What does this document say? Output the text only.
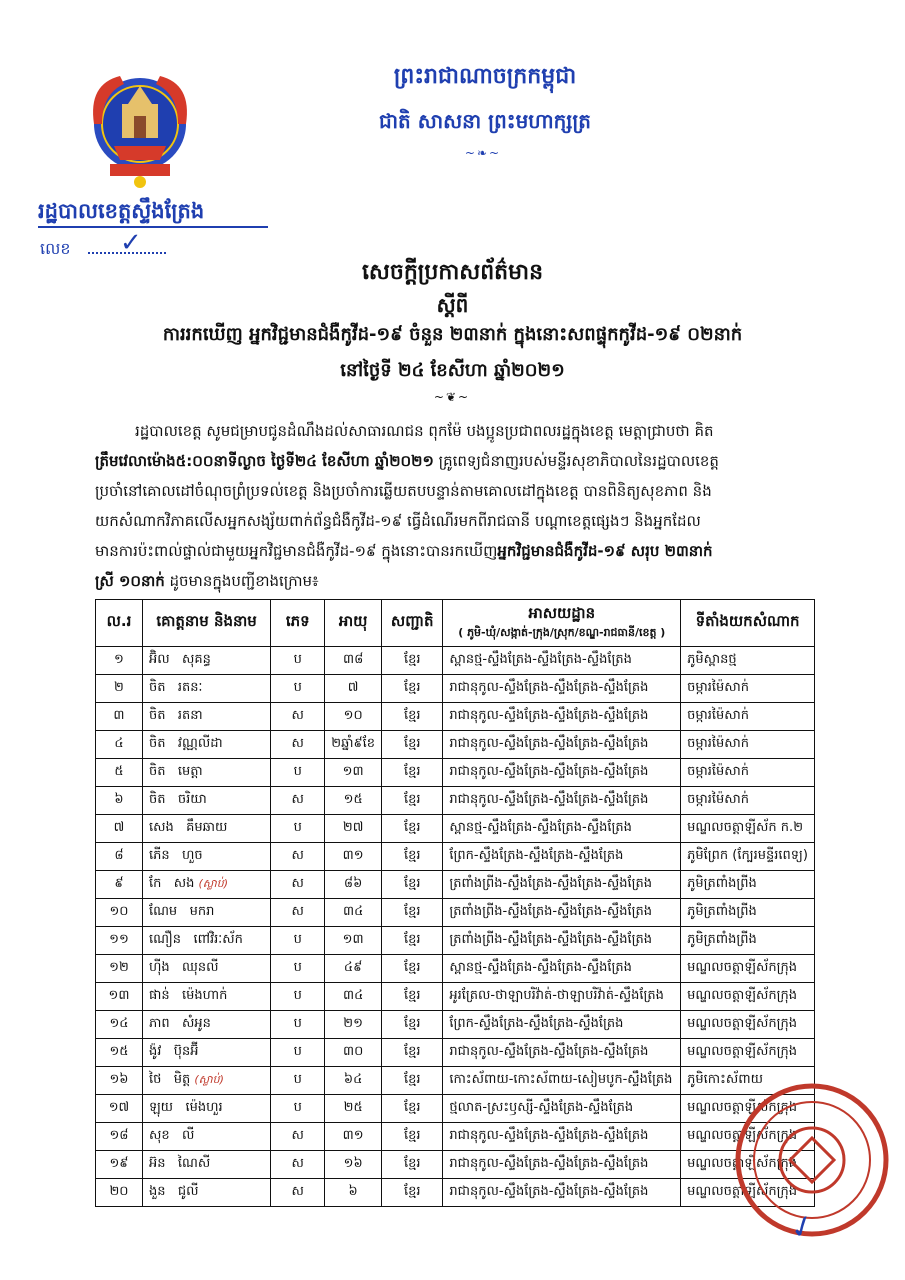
រដ្ឋបាលខេត្តស្ទឹងត្រែង
លេខ ✓
ព្រះរាជាណាចក្រកម្ពុជា
ជាតិ សាសនា ព្រះមហាក្សត្រ
~❧~
សេចក្តីប្រកាសព័ត៌មាន
ស្តីពី
ការរកឃើញ អ្នកវិជ្ជមានជំងឺកូវីដ-១៩ ចំនួន ២៣នាក់ ក្នុងនោះសពផ្ទុកកូវីដ-១៩ ០២នាក់
នៅថ្ងៃទី ២៤ ខែសីហា ឆ្នាំ២០២១
~❦~
រដ្ឋបាលខេត្ត សូមជម្រាបជូនដំណឹងដល់សាធារណជន ពុកម៉ែ បងប្អូនប្រជាពលរដ្ឋក្នុងខេត្ត មេត្តាជ្រាបថា គិត
ត្រឹមវេលាម៉ោង៥:០០នាទីល្ងាច ថ្ងៃទី២៤ ខែសីហា ឆ្នាំ២០២១ គ្រូពេទ្យជំនាញរបស់មន្ទីរសុខាភិបាលនៃរដ្ឋបាលខេត្ត
ប្រចាំនៅគោលដៅចំណុចព្រំប្រទល់ខេត្ត និងប្រចាំការឆ្លើយតបបន្ទាន់តាមគោលដៅក្នុងខេត្ត បានពិនិត្យសុខភាព និង
យកសំណាកវិភាគលើសអ្នកសង្ស័យពាក់ព័ន្ធជំងឺកូវីដ-១៩ ធ្វើដំណើរមកពីរាជធានី បណ្តាខេត្តផ្សេងៗ និងអ្នកដែល
មានការប៉ះពាល់ផ្ទាល់ជាមួយអ្នកវិជ្ជមានជំងឺកូវីដ-១៩ ក្នុងនោះបានរកឃើញអ្នកវិជ្ជមានជំងឺកូវីដ-១៩ សរុប ២៣នាក់
ស្រី ១០នាក់ ដូចមានក្នុងបញ្ជីខាងក្រោម៖
ល.រ	គោត្តនាម និងនាម	ភេទ	អាយុ	សញ្ជាតិ	អាសយដ្ឋាន
( ភូមិ-ឃុំ/សង្កាត់-ក្រុង/ស្រុក/ខណ្ឌ-រាជធានី/ខេត្ត )	ទីតាំងយកសំណាក
១	អ៊ិល សុគន្ធ	ប	៣៨	ខ្មែរ	ស្ពានថ្ម-ស្ទឹងត្រែង-ស្ទឹងត្រែង-ស្ទឹងត្រែង	ភូមិស្ពានថ្ម
២	ចិត រតនៈ	ប	៧	ខ្មែរ	រាជានុកូល-ស្ទឹងត្រែង-ស្ទឹងត្រែង-ស្ទឹងត្រែង	ចម្ការម៉ៃសាក់
៣	ចិត រតនា	ស	១០	ខ្មែរ	រាជានុកូល-ស្ទឹងត្រែង-ស្ទឹងត្រែង-ស្ទឹងត្រែង	ចម្ការម៉ៃសាក់
៤	ចិត វណ្ណលីដា	ស	២ឆ្នាំ៩ខែ	ខ្មែរ	រាជានុកូល-ស្ទឹងត្រែង-ស្ទឹងត្រែង-ស្ទឹងត្រែង	ចម្ការម៉ៃសាក់
៥	ចិត មេត្តា	ប	១៣	ខ្មែរ	រាជានុកូល-ស្ទឹងត្រែង-ស្ទឹងត្រែង-ស្ទឹងត្រែង	ចម្ការម៉ៃសាក់
៦	ចិត ចរិយា	ស	១៥	ខ្មែរ	រាជានុកូល-ស្ទឹងត្រែង-ស្ទឹងត្រែង-ស្ទឹងត្រែង	ចម្ការម៉ៃសាក់
៧	សេង គឹមឆាយ	ប	២៧	ខ្មែរ	ស្ពានថ្ម-ស្ទឹងត្រែង-ស្ទឹងត្រែង-ស្ទឹងត្រែង	មណ្ឌលចត្តាឡីស័ក ក.២
៨	ភេីន ហួច	ស	៣១	ខ្មែរ	ព្រែក-ស្ទឹងត្រែង-ស្ទឹងត្រែង-ស្ទឹងត្រែង	ភូមិព្រែក (ក្បែរមន្ទីរពេទ្យ)
៩	កែ សង (ស្លាប់)	ស	៨៦	ខ្មែរ	ត្រពាំងព្រីង-ស្ទឹងត្រែង-ស្ទឹងត្រែង-ស្ទឹងត្រែង	ភូមិត្រពាំងព្រីង
១០	ណែម មករា	ស	៣៤	ខ្មែរ	ត្រពាំងព្រីង-ស្ទឹងត្រែង-ស្ទឹងត្រែង-ស្ទឹងត្រែង	ភូមិត្រពាំងព្រីង
១១	ណឿន ពៅវិរៈស័ក	ប	១៣	ខ្មែរ	ត្រពាំងព្រីង-ស្ទឹងត្រែង-ស្ទឹងត្រែង-ស្ទឹងត្រែង	ភូមិត្រពាំងព្រីង
១២	ហ៊ីង ឈុនលី	ប	៤៩	ខ្មែរ	ស្ពានថ្ម-ស្ទឹងត្រែង-ស្ទឹងត្រែង-ស្ទឹងត្រែង	មណ្ឌលចត្តាឡីស័កក្រុង
១៣	ផាន់ ម៉េងហាក់	ប	៣៤	ខ្មែរ	អូរត្រែល-ថាឡាបរិវ៉ាត់-ថាឡាបរិវ៉ាត់-ស្ទឹងត្រែង	មណ្ឌលចត្តាឡីស័កក្រុង
១៤	ភាព សំអូន	ប	២១	ខ្មែរ	ព្រែក-ស្ទឹងត្រែង-ស្ទឹងត្រែង-ស្ទឹងត្រែង	មណ្ឌលចត្តាឡីស័កក្រុង
១៥	ង៉ូវ ប៊ុនអ៊ី	ប	៣០	ខ្មែរ	រាជានុកូល-ស្ទឹងត្រែង-ស្ទឹងត្រែង-ស្ទឹងត្រែង	មណ្ឌលចត្តាឡីស័កក្រុង
១៦	ថៃ មិត្ត (ស្លាប់)	ប	៦៤	ខ្មែរ	កោះស័ពាយ-កោះស័ពាយ-សៀមបូក-ស្ទឹងត្រែង	ភូមិកោះស័ពាយ
១៧	ឡុយ ម៉េងហួរ	ប	២៥	ខ្មែរ	ថ្មលាត-ស្រះឫស្សី-ស្ទឹងត្រែង-ស្ទឹងត្រែង	មណ្ឌលចត្តាឡីស័កក្រុង
១៨	សុខ លី	ស	៣១	ខ្មែរ	រាជានុកូល-ស្ទឹងត្រែង-ស្ទឹងត្រែង-ស្ទឹងត្រែង	មណ្ឌលចត្តាឡីស័កក្រុង
១៩	អ៊ន ណៃសី	ស	១៦	ខ្មែរ	រាជានុកូល-ស្ទឹងត្រែង-ស្ទឹងត្រែង-ស្ទឹងត្រែង	មណ្ឌលចត្តាឡីស័កក្រុង
២០	ងួន ជូលី	ស	៦	ខ្មែរ	រាជានុកូល-ស្ទឹងត្រែង-ស្ទឹងត្រែង-ស្ទឹងត្រែង	មណ្ឌលចត្តាឡីស័កក្រុង
✓
